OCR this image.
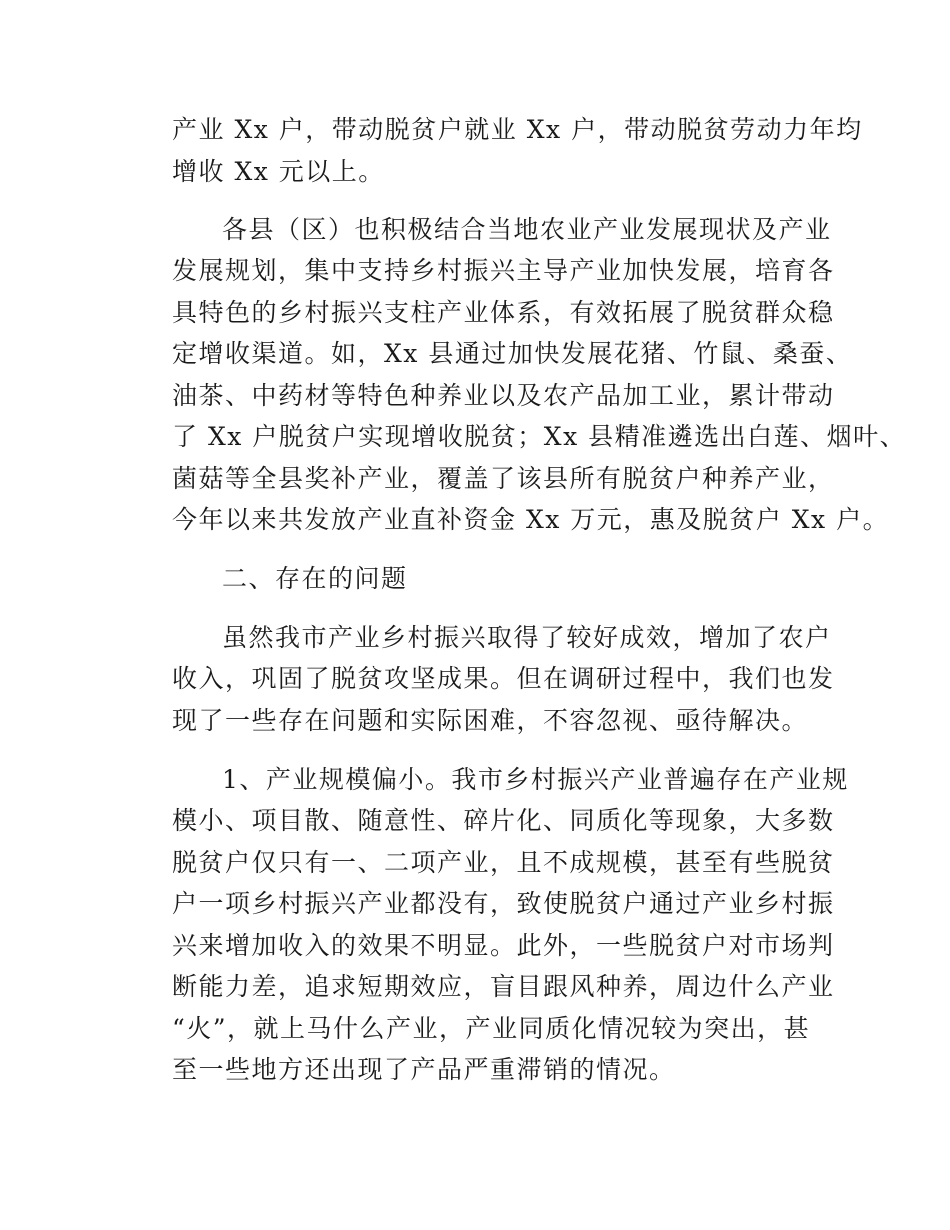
产业 Xx 户，带动脱贫户就业 Xx 户，带动脱贫劳动力年均
增收 Xx 元以上。
各县（区）也积极结合当地农业产业发展现状及产业
发展规划，集中支持乡村振兴主导产业加快发展，培育各
具特色的乡村振兴支柱产业体系，有效拓展了脱贫群众稳
定增收渠道。如，Xx 县通过加快发展花猪、竹鼠、桑蚕、
油茶、中药材等特色种养业以及农产品加工业，累计带动
了 Xx 户脱贫户实现增收脱贫；Xx 县精准遴选出白莲、烟叶、
菌菇等全县奖补产业，覆盖了该县所有脱贫户种养产业，
今年以来共发放产业直补资金 Xx 万元，惠及脱贫户 Xx 户。
二、存在的问题
虽然我市产业乡村振兴取得了较好成效，增加了农户
收入，巩固了脱贫攻坚成果。但在调研过程中，我们也发
现了一些存在问题和实际困难，不容忽视、亟待解决。
1、产业规模偏小。我市乡村振兴产业普遍存在产业规
模小、项目散、随意性、碎片化、同质化等现象，大多数
脱贫户仅只有一、二项产业，且不成规模，甚至有些脱贫
户一项乡村振兴产业都没有，致使脱贫户通过产业乡村振
兴来增加收入的效果不明显。此外，一些脱贫户对市场判
断能力差，追求短期效应，盲目跟风种养，周边什么产业
“火”，就上马什么产业，产业同质化情况较为突出，甚
至一些地方还出现了产品严重滞销的情况。
